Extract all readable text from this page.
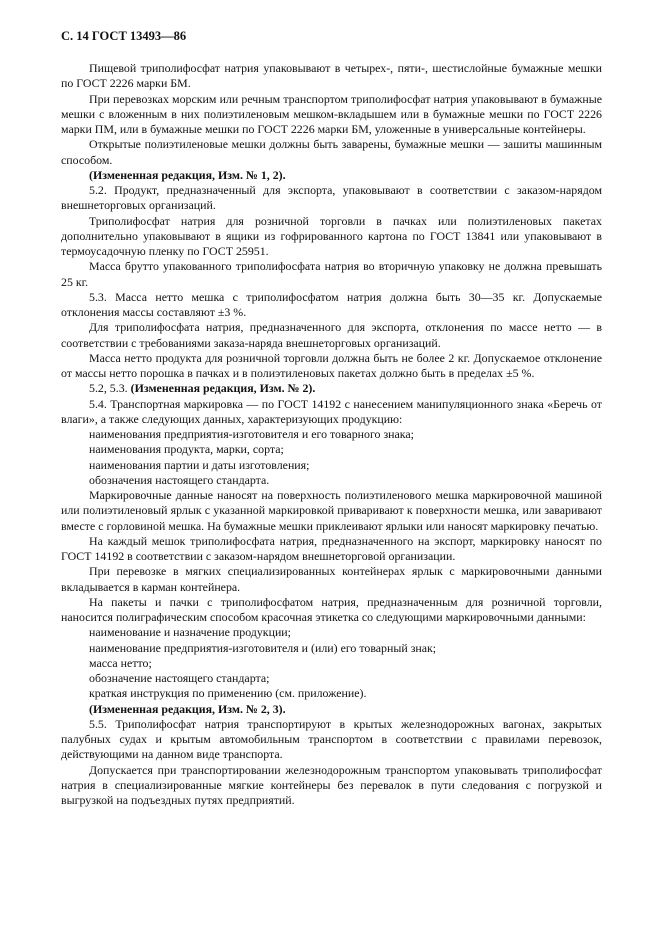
С. 14 ГОСТ 13493—86

Пищевой триполифосфат натрия упаковывают в четырех-, пяти-, шестислойные бумажные мешки по ГОСТ 2226 марки БМ.

При перевозках морским или речным транспортом триполифосфат натрия упаковывают в бумажные мешки с вложенным в них полиэтиленовым мешком-вкладышем или в бумажные мешки по ГОСТ 2226 марки ПМ, или в бумажные мешки по ГОСТ 2226 марки БМ, уложенные в универсальные контейнеры.

Открытые полиэтиленовые мешки должны быть заварены, бумажные мешки — зашиты машинным способом.

(Измененная редакция, Изм. № 1, 2).

5.2. Продукт, предназначенный для экспорта, упаковывают в соответствии с заказом-нарядом внешнеторговых организаций.

Триполифосфат натрия для розничной торговли в пачках или полиэтиленовых пакетах дополнительно упаковывают в ящики из гофрированного картона по ГОСТ 13841 или упаковывают в термоусадочную пленку по ГОСТ 25951.

Масса брутто упакованного триполифосфата натрия во вторичную упаковку не должна превышать 25 кг.

5.3. Масса нетто мешка с триполифосфатом натрия должна быть 30—35 кг. Допускаемые отклонения массы составляют ±3 %.

Для триполифосфата натрия, предназначенного для экспорта, отклонения по массе нетто — в соответствии с требованиями заказа-наряда внешнеторговых организаций.

Масса нетто продукта для розничной торговли должна быть не более 2 кг. Допускаемое отклонение от массы нетто порошка в пачках и в полиэтиленовых пакетах должно быть в пределах ±5 %.

5.2, 5.3. (Измененная редакция, Изм. № 2).

5.4. Транспортная маркировка — по ГОСТ 14192 с нанесением манипуляционного знака «Беречь от влаги», а также следующих данных, характеризующих продукцию:

наименования предприятия-изготовителя и его товарного знака;
наименования продукта, марки, сорта;
наименования партии и даты изготовления;
обозначения настоящего стандарта.

Маркировочные данные наносят на поверхность полиэтиленового мешка маркировочной машиной или полиэтиленовый ярлык с указанной маркировкой приваривают к поверхности мешка, или заваривают вместе с горловиной мешка. На бумажные мешки приклеивают ярлыки или наносят маркировку печатью.

На каждый мешок триполифосфата натрия, предназначенного на экспорт, маркировку наносят по ГОСТ 14192 в соответствии с заказом-нарядом внешнеторговой организации.

При перевозке в мягких специализированных контейнерах ярлык с маркировочными данными вкладывается в карман контейнера.

На пакеты и пачки с триполифосфатом натрия, предназначенным для розничной торговли, наносится полиграфическим способом красочная этикетка со следующими маркировочными данными:

наименование и назначение продукции;
наименование предприятия-изготовителя и (или) его товарный знак;
масса нетто;
обозначение настоящего стандарта;
краткая инструкция по применению (см. приложение).

(Измененная редакция, Изм. № 2, 3).

5.5. Триполифосфат натрия транспортируют в крытых железнодорожных вагонах, закрытых палубных судах и крытым автомобильным транспортом в соответствии с правилами перевозок, действующими на данном виде транспорта.

Допускается при транспортировании железнодорожным транспортом упаковывать триполифосфат натрия в специализированные мягкие контейнеры без перевалок в пути следования с погрузкой и выгрузкой на подъездных путях предприятий.
